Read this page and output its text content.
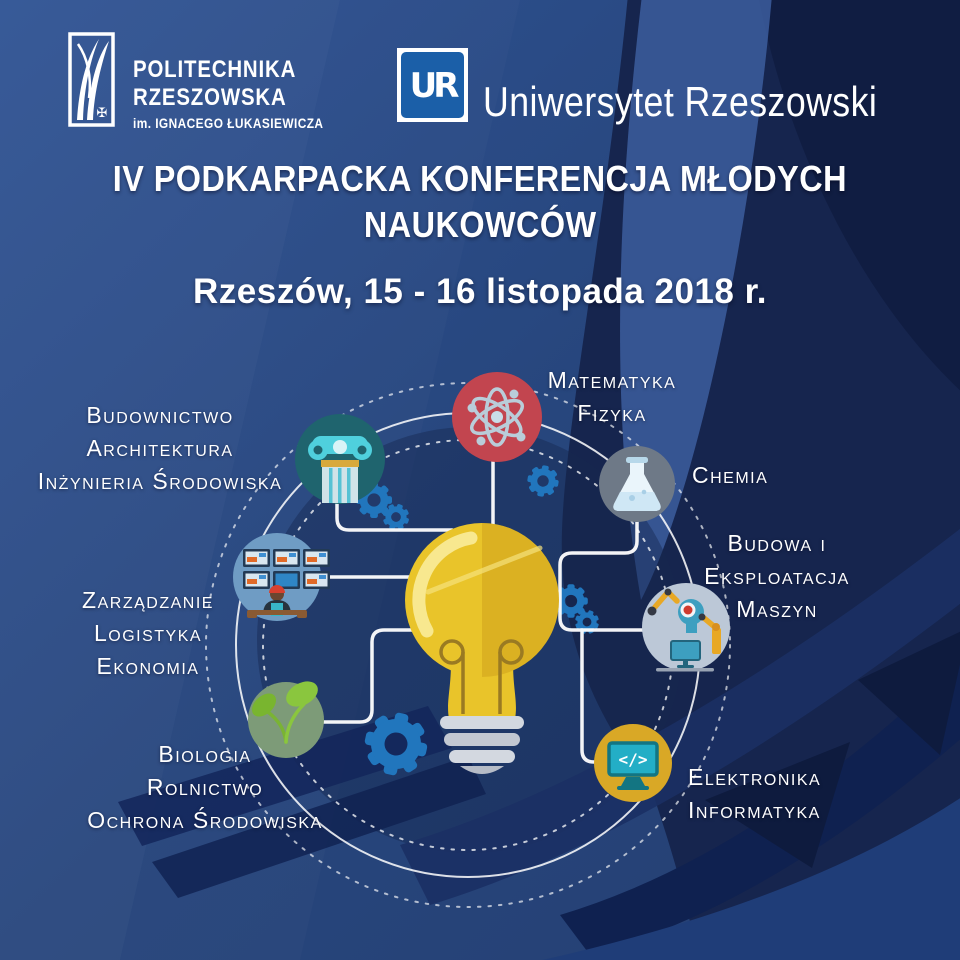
</>
✠
POLITECHNIKA
RZESZOWSKA
im. IGNACEGO ŁUKASIEWICZA
UR Uniwersytet Rzeszowski
IV PODKARPACKA KONFERENCJA MŁODYCH
NAUKOWCÓW
Rzeszów, 15 - 16 listopada 2018 r.
Budownictwo
Architektura
Inżynieria Środowiska
Matematyka
Fizyka
Chemia
Budowa i
Eksploatacja
Maszyn
Zarządzanie
Logistyka
Ekonomia
Biologia
Rolnictwo
Ochrona Środowiska
Elektronika
Informatyka
